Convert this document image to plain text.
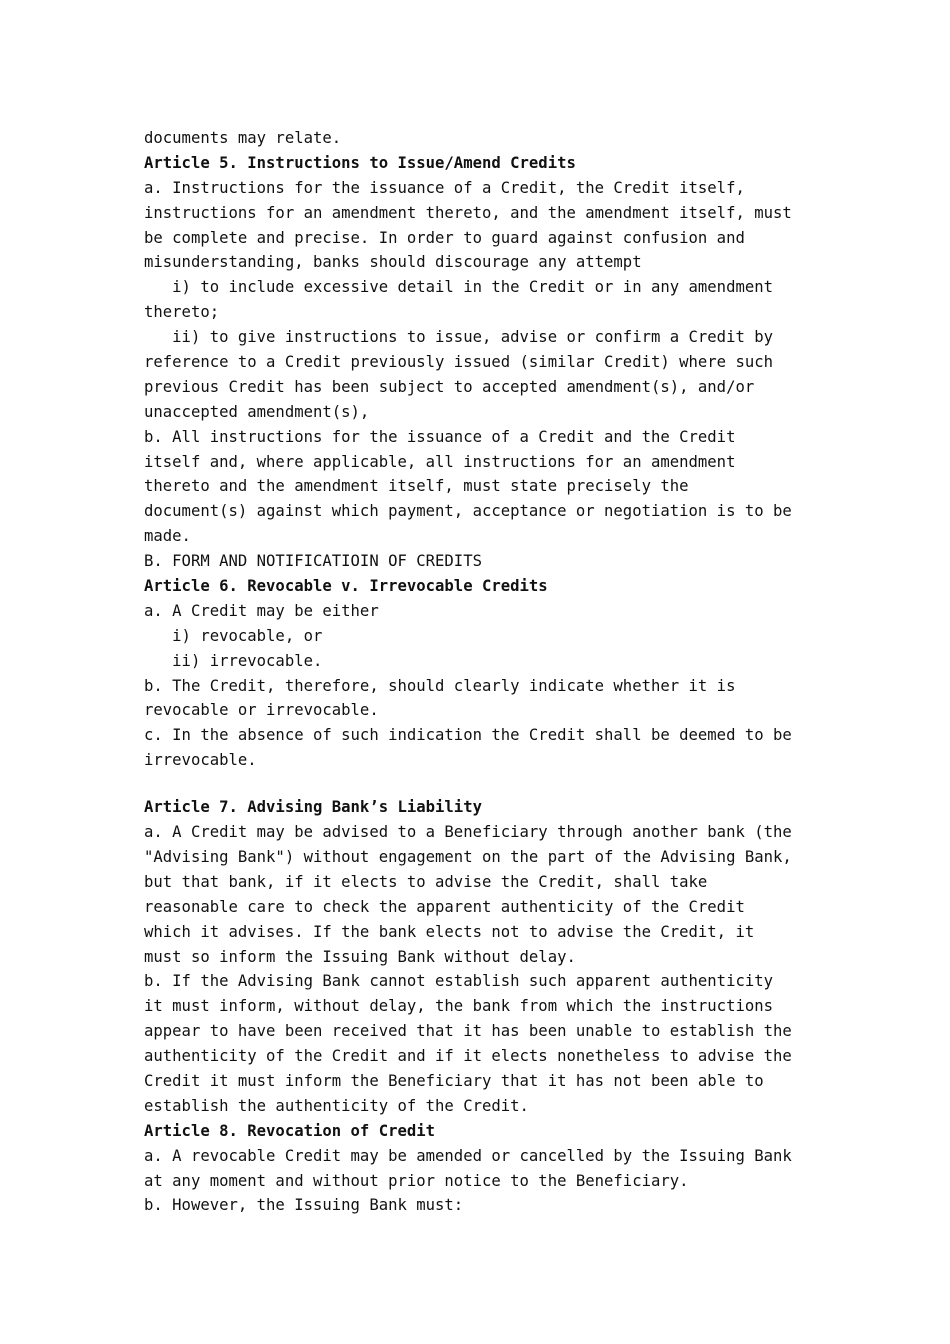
documents may relate.
Article 5. Instructions to Issue/Amend Credits
a. Instructions for the issuance of a Credit, the Credit itself,
instructions for an amendment thereto, and the amendment itself, must
be complete and precise. In order to guard against confusion and
misunderstanding, banks should discourage any attempt
i) to include excessive detail in the Credit or in any amendment
thereto;
ii) to give instructions to issue, advise or confirm a Credit by
reference to a Credit previously issued (similar Credit) where such
previous Credit has been subject to accepted amendment(s), and/or
unaccepted amendment(s),
b. All instructions for the issuance of a Credit and the Credit
itself and, where applicable, all instructions for an amendment
thereto and the amendment itself, must state precisely the
document(s) against which payment, acceptance or negotiation is to be
made.
B. FORM AND NOTIFICATIOIN OF CREDITS
Article 6. Revocable v. Irrevocable Credits
a. A Credit may be either
i) revocable, or
ii) irrevocable.
b. The Credit, therefore, should clearly indicate whether it is
revocable or irrevocable.
c. In the absence of such indication the Credit shall be deemed to be
irrevocable.
Article 7. Advising Bank’s Liability
a. A Credit may be advised to a Beneficiary through another bank (the
"Advising Bank") without engagement on the part of the Advising Bank,
but that bank, if it elects to advise the Credit, shall take
reasonable care to check the apparent authenticity of the Credit
which it advises. If the bank elects not to advise the Credit, it
must so inform the Issuing Bank without delay.
b. If the Advising Bank cannot establish such apparent authenticity
it must inform, without delay, the bank from which the instructions
appear to have been received that it has been unable to establish the
authenticity of the Credit and if it elects nonetheless to advise the
Credit it must inform the Beneficiary that it has not been able to
establish the authenticity of the Credit.
Article 8. Revocation of Credit
a. A revocable Credit may be amended or cancelled by the Issuing Bank
at any moment and without prior notice to the Beneficiary.
b. However, the Issuing Bank must:
